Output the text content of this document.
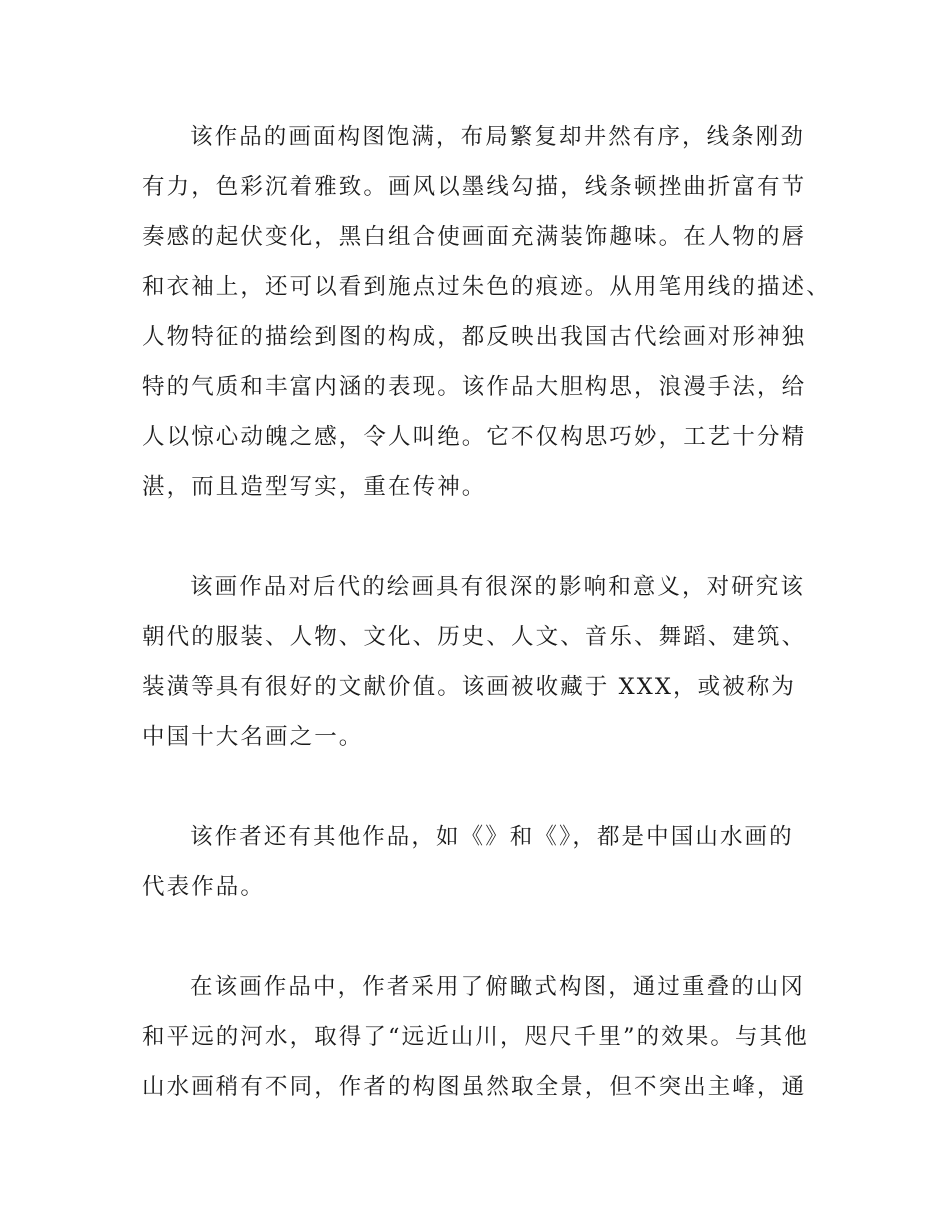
该作品的画面构图饱满，布局繁复却井然有序，线条刚劲
有力，色彩沉着雅致。画风以墨线勾描，线条顿挫曲折富有节
奏感的起伏变化，黑白组合使画面充满装饰趣味。在人物的唇
和衣袖上，还可以看到施点过朱色的痕迹。从用笔用线的描述、
人物特征的描绘到图的构成，都反映出我国古代绘画对形神独
特的气质和丰富内涵的表现。该作品大胆构思，浪漫手法，给
人以惊心动魄之感，令人叫绝。它不仅构思巧妙，工艺十分精
湛，而且造型写实，重在传神。

该画作品对后代的绘画具有很深的影响和意义，对研究该
朝代的服装、人物、文化、历史、人文、音乐、舞蹈、建筑、
装潢等具有很好的文献价值。该画被收藏于 XXX，或被称为
中国十大名画之一。

该作者还有其他作品，如《》和《》，都是中国山水画的
代表作品。

在该画作品中，作者采用了俯瞰式构图，通过重叠的山冈
和平远的河水，取得了“远近山川，咫尺千里”的效果。与其他
山水画稍有不同，作者的构图虽然取全景，但不突出主峰，通
